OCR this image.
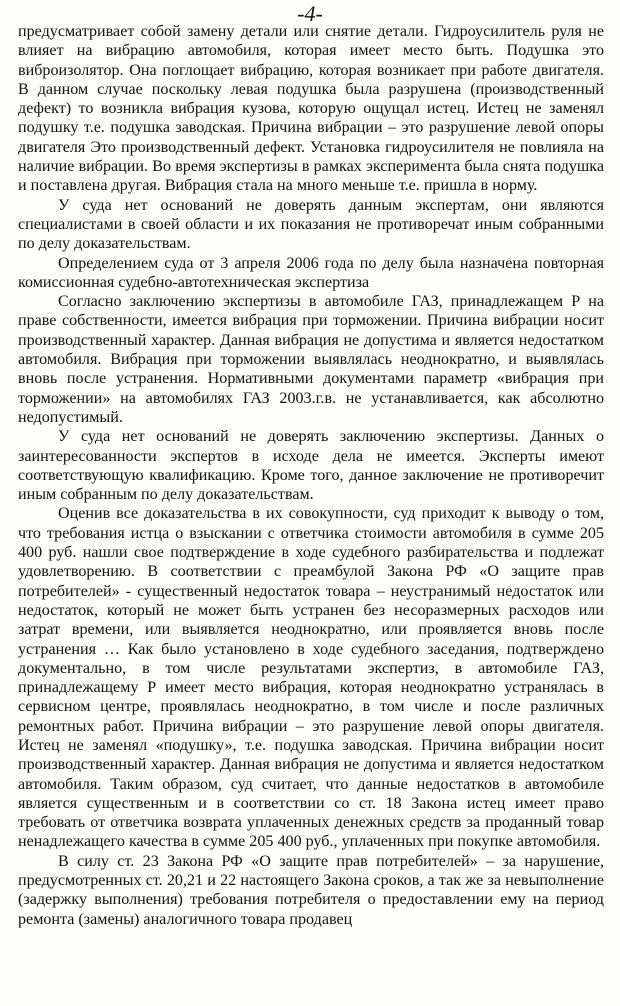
-4-

предусматривает собой замену детали или снятие детали. Гидроусилитель руля не влияет на вибрацию автомобиля, которая имеет место быть. Подушка это виброизолятор. Она поглощает вибрацию, которая возникает при работе двигателя. В данном случае поскольку левая подушка была разрушена (производственный дефект) то возникла вибрация кузова, которую ощущал истец. Истец не заменял подушку т.е. подушка заводская. Причина вибрации – это разрушение левой опоры двигателя Это производственный дефект. Установка гидроусилителя не повлияла на наличие вибрации. Во время экспертизы в рамках эксперимента была снята подушка и поставлена другая. Вибрация стала на много меньше т.е. пришла в норму.

У суда нет оснований не доверять данным экспертам, они являются специалистами в своей области и их показания не противоречат иным собранными по делу доказательствам.

Определением суда от 3 апреля 2006 года по делу была назначена повторная комиссионная судебно-автотехническая экспертиза

Согласно заключению экспертизы в автомобиле ГАЗ, принадлежащем Р на праве собственности, имеется вибрация при торможении. Причина вибрации носит производственный характер. Данная вибрация не допустима и является недостатком автомобиля. Вибрация при торможении выявлялась неоднократно, и выявлялась вновь после устранения. Нормативными документами параметр «вибрация при торможении» на автомобилях ГАЗ 2003.г.в. не устанавливается, как абсолютно недопустимый.

У суда нет оснований не доверять заключению экспертизы. Данных о заинтересованности экспертов в исходе дела не имеется. Эксперты имеют соответствующую квалификацию. Кроме того, данное заключение не противоречит иным собранным по делу доказательствам.

Оценив все доказательства в их совокупности, суд приходит к выводу о том, что требования истца о взыскании с ответчика стоимости автомобиля в сумме 205 400 руб. нашли свое подтверждение в ходе судебного разбирательства и подлежат удовлетворению. В соответствии с преамбулой Закона РФ «О защите прав потребителей» - существенный недостаток товара – неустранимый недостаток или недостаток, который не может быть устранен без несоразмерных расходов или затрат времени, или выявляется неоднократно, или проявляется вновь после устранения … Как было установлено в ходе судебного заседания, подтверждено документально, в том числе результатами экспертиз, в автомобиле ГАЗ, принадлежащему Р имеет место вибрация, которая неоднократно устранялась в сервисном центре, проявлялась неоднократно, в том числе и после различных ремонтных работ. Причина вибрации – это разрушение левой опоры двигателя. Истец не заменял «подушку», т.е. подушка заводская. Причина вибрации носит производственный характер. Данная вибрация не допустима и является недостатком автомобиля. Таким образом, суд считает, что данные недостатков в автомобиле является существенным и в соответствии со ст. 18 Закона истец имеет право требовать от ответчика возврата уплаченных денежных средств за проданный товар ненадлежащего качества в сумме 205 400 руб., уплаченных при покупке автомобиля.

В силу ст. 23 Закона РФ «О защите прав потребителей» – за нарушение, предусмотренных ст. 20,21 и 22 настоящего Закона сроков, а так же за невыполнение (задержку выполнения) требования потребителя о предоставлении ему на период ремонта (замены) аналогичного товара продавец
